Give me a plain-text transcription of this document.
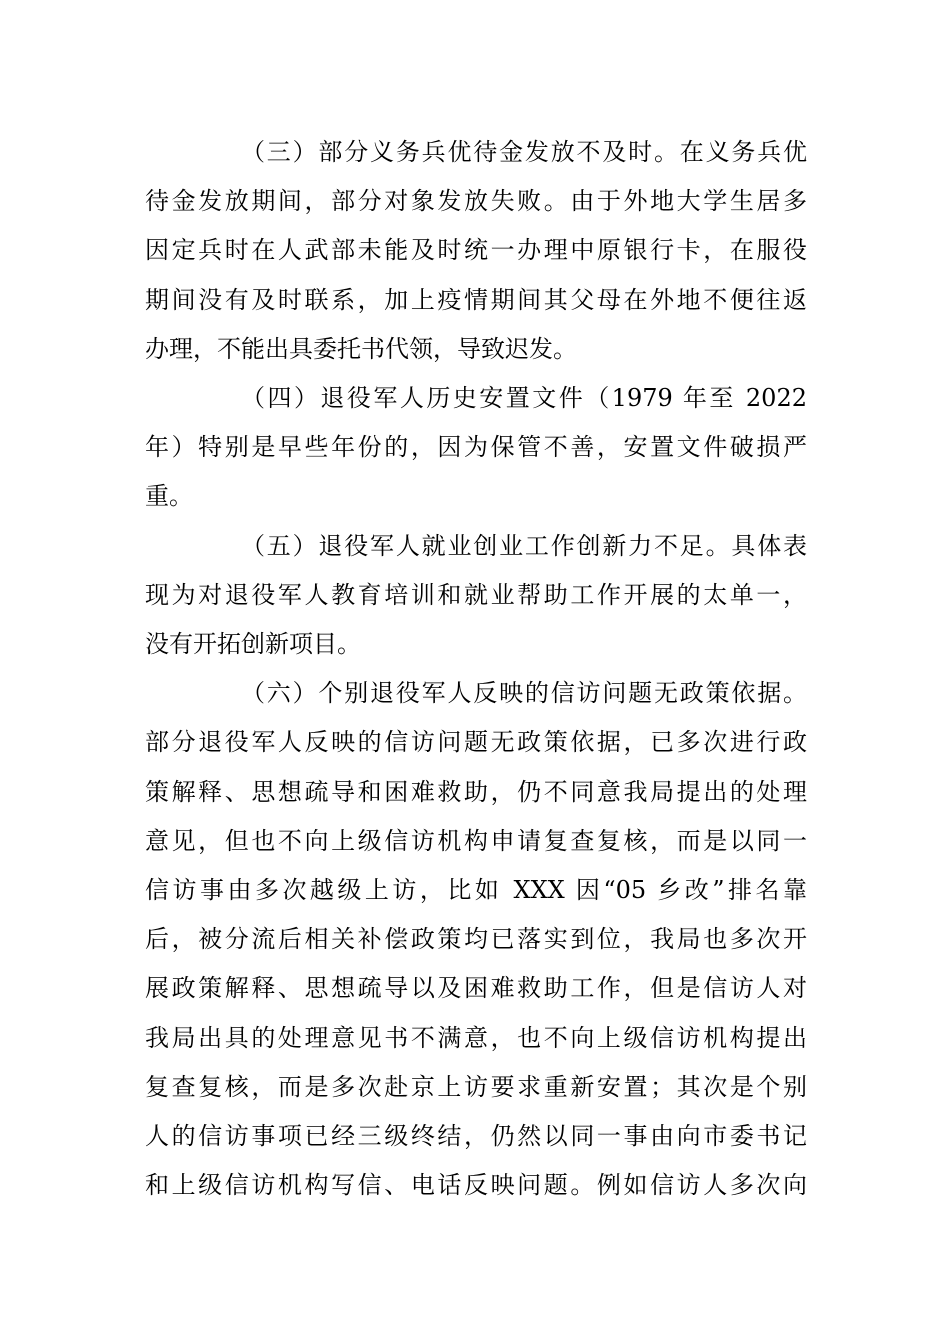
（三）部分义务兵优待金发放不及时。在义务兵优
待金发放期间，部分对象发放失败。由于外地大学生居多
因定兵时在人武部未能及时统一办理中原银行卡，在服役
期间没有及时联系，加上疫情期间其父母在外地不便往返
办理，不能出具委托书代领，导致迟发。
（四）退役军人历史安置文件（1979 年至 2022
年）特别是早些年份的，因为保管不善，安置文件破损严
重。
（五）退役军人就业创业工作创新力不足。具体表
现为对退役军人教育培训和就业帮助工作开展的太单一，
没有开拓创新项目。
（六）个别退役军人反映的信访问题无政策依据。
部分退役军人反映的信访问题无政策依据，已多次进行政
策解释、思想疏导和困难救助，仍不同意我局提出的处理
意见，但也不向上级信访机构申请复查复核，而是以同一
信访事由多次越级上访，比如 XXX 因“05 乡改”排名靠
后，被分流后相关补偿政策均已落实到位，我局也多次开
展政策解释、思想疏导以及困难救助工作，但是信访人对
我局出具的处理意见书不满意，也不向上级信访机构提出
复查复核，而是多次赴京上访要求重新安置；其次是个别
人的信访事项已经三级终结，仍然以同一事由向市委书记
和上级信访机构写信、电话反映问题。例如信访人多次向
